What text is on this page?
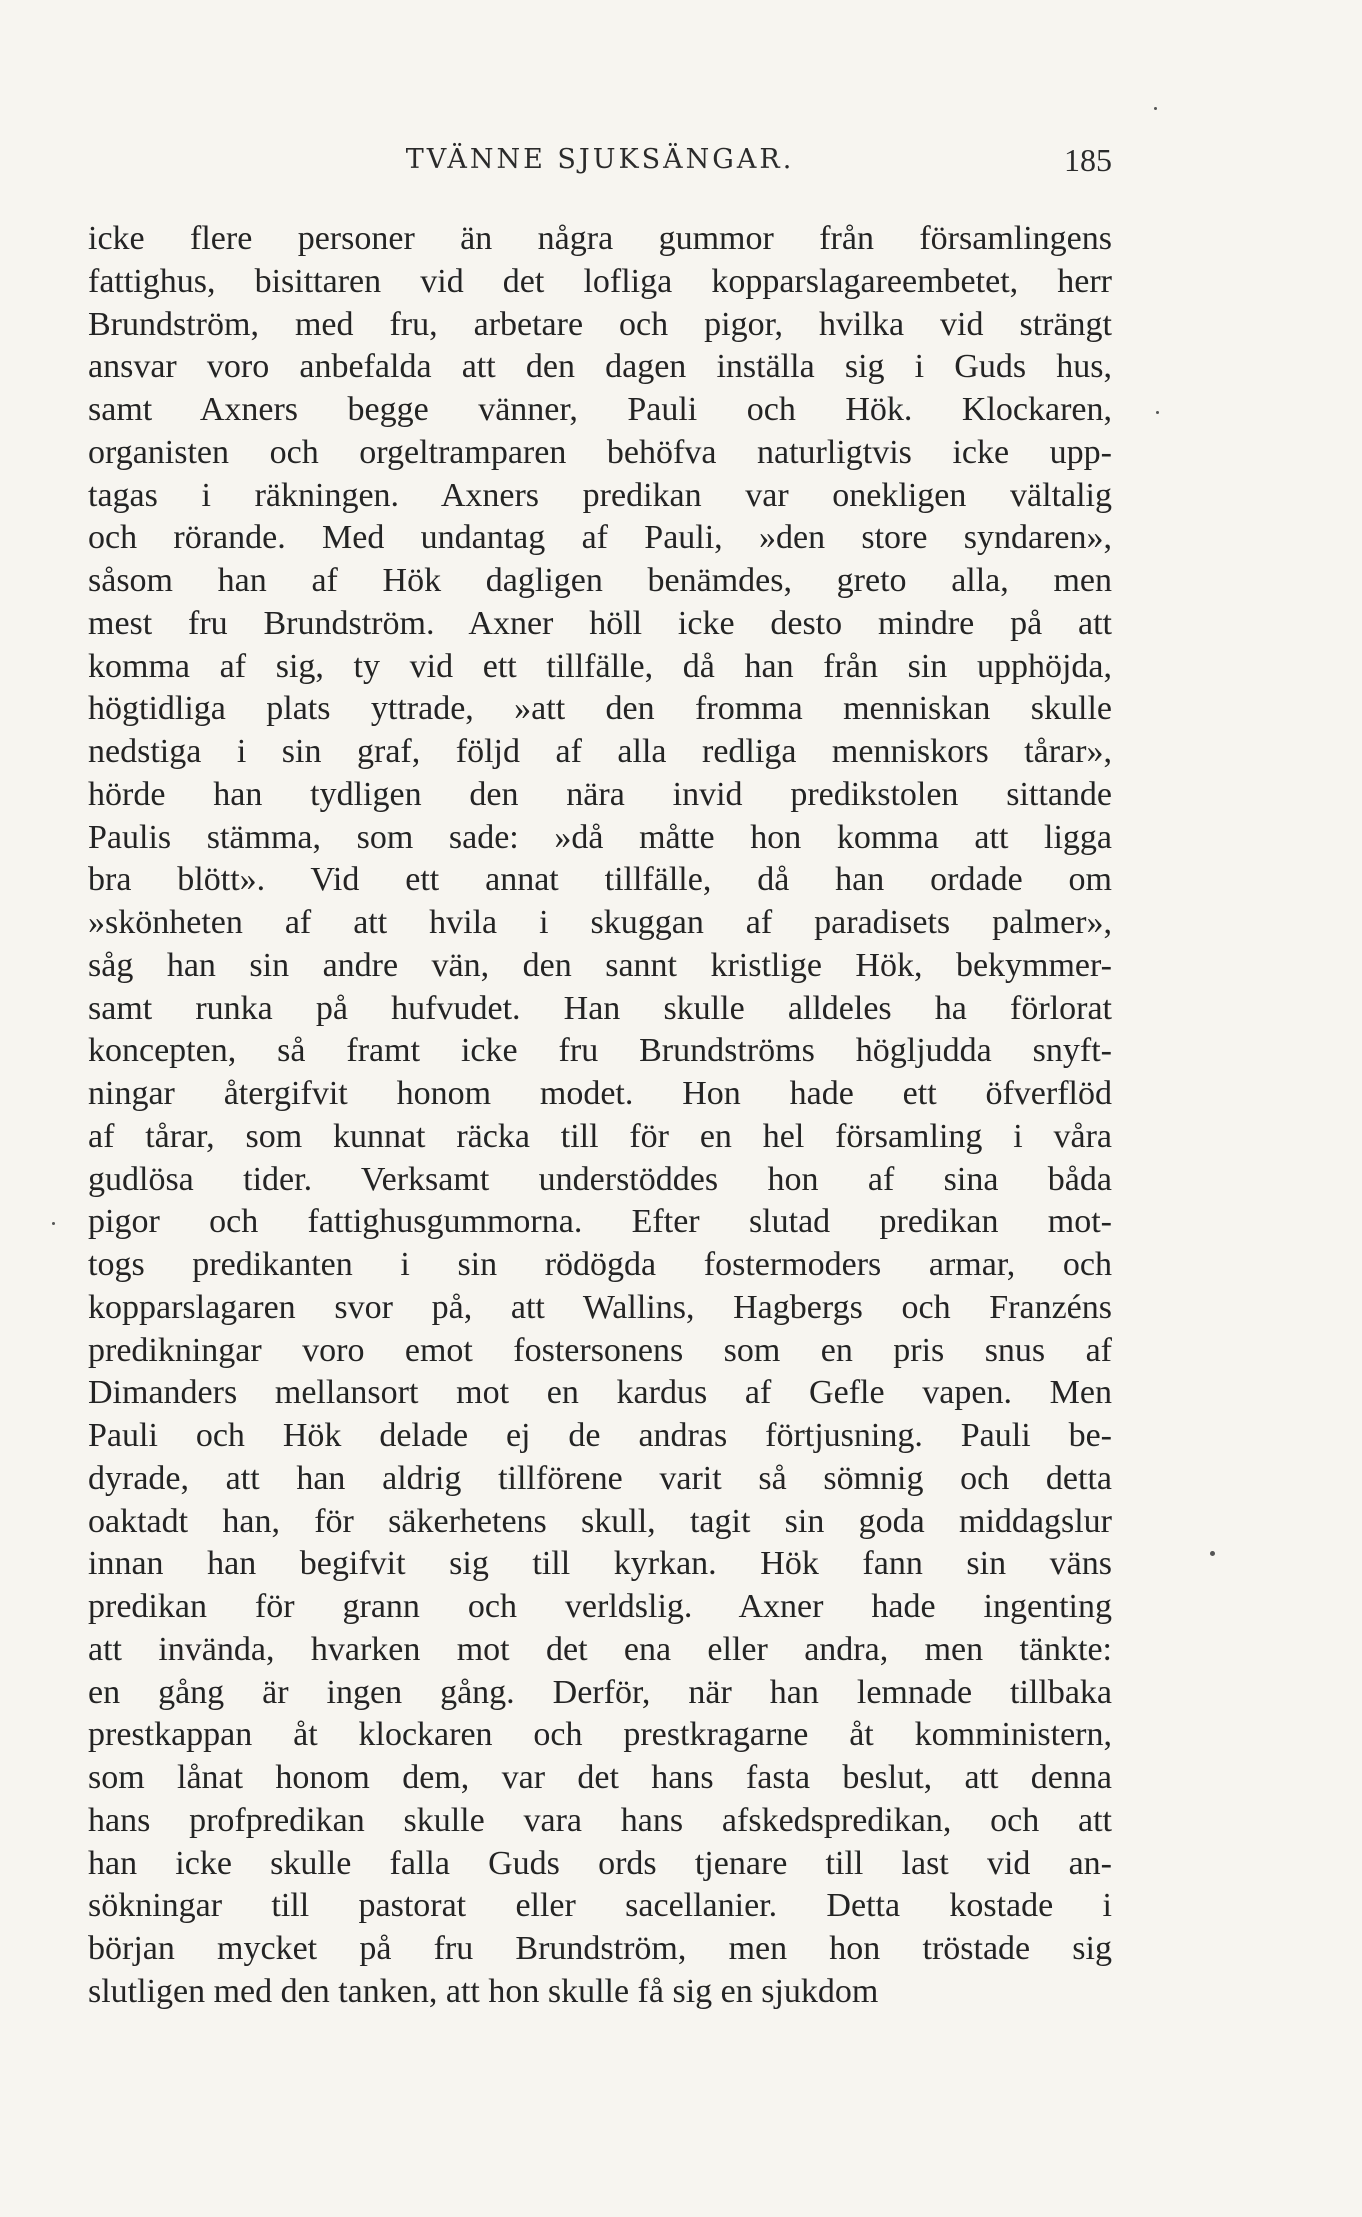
TVÄNNE SJUKSÄNGAR.	185
icke flere personer än några gummor från församlingens
fattighus, bisittaren vid det lofliga kopparslagareembetet, herr
Brundström, med fru, arbetare och pigor, hvilka vid strängt
ansvar voro anbefalda att den dagen inställa sig i Guds hus,
samt Axners begge vänner, Pauli och Hök. Klockaren,
organisten och orgeltramparen behöfva naturligtvis icke upp-
tagas i räkningen. Axners predikan var onekligen vältalig
och rörande. Med undantag af Pauli, »den store syndaren»,
såsom han af Hök dagligen benämdes, greto alla, men
mest fru Brundström. Axner höll icke desto mindre på att
komma af sig, ty vid ett tillfälle, då han från sin upphöjda,
högtidliga plats yttrade, »att den fromma menniskan skulle
nedstiga i sin graf, följd af alla redliga menniskors tårar»,
hörde han tydligen den nära invid predikstolen sittande
Paulis stämma, som sade: »då måtte hon komma att ligga
bra blött». Vid ett annat tillfälle, då han ordade om
»skönheten af att hvila i skuggan af paradisets palmer»,
såg han sin andre vän, den sannt kristlige Hök, bekymmer-
samt runka på hufvudet. Han skulle alldeles ha förlorat
koncepten, så framt icke fru Brundströms högljudda snyft-
ningar återgifvit honom modet. Hon hade ett öfverflöd
af tårar, som kunnat räcka till för en hel församling i våra
gudlösa tider. Verksamt understöddes hon af sina båda
pigor och fattighusgummorna. Efter slutad predikan mot-
togs predikanten i sin rödögda fostermoders armar, och
kopparslagaren svor på, att Wallins, Hagbergs och Franzéns
predikningar voro emot fostersonens som en pris snus af
Dimanders mellansort mot en kardus af Gefle vapen. Men
Pauli och Hök delade ej de andras förtjusning. Pauli be-
dyrade, att han aldrig tillförene varit så sömnig och detta
oaktadt han, för säkerhetens skull, tagit sin goda middagslur
innan han begifvit sig till kyrkan. Hök fann sin väns
predikan för grann och verldslig. Axner hade ingenting
att invända, hvarken mot det ena eller andra, men tänkte:
en gång är ingen gång. Derför, när han lemnade tillbaka
prestkappan åt klockaren och prestkragarne åt komministern,
som lånat honom dem, var det hans fasta beslut, att denna
hans profpredikan skulle vara hans afskedspredikan, och att
han icke skulle falla Guds ords tjenare till last vid an-
sökningar till pastorat eller sacellanier. Detta kostade i
början mycket på fru Brundström, men hon tröstade sig
slutligen med den tanken, att hon skulle få sig en sjukdom
